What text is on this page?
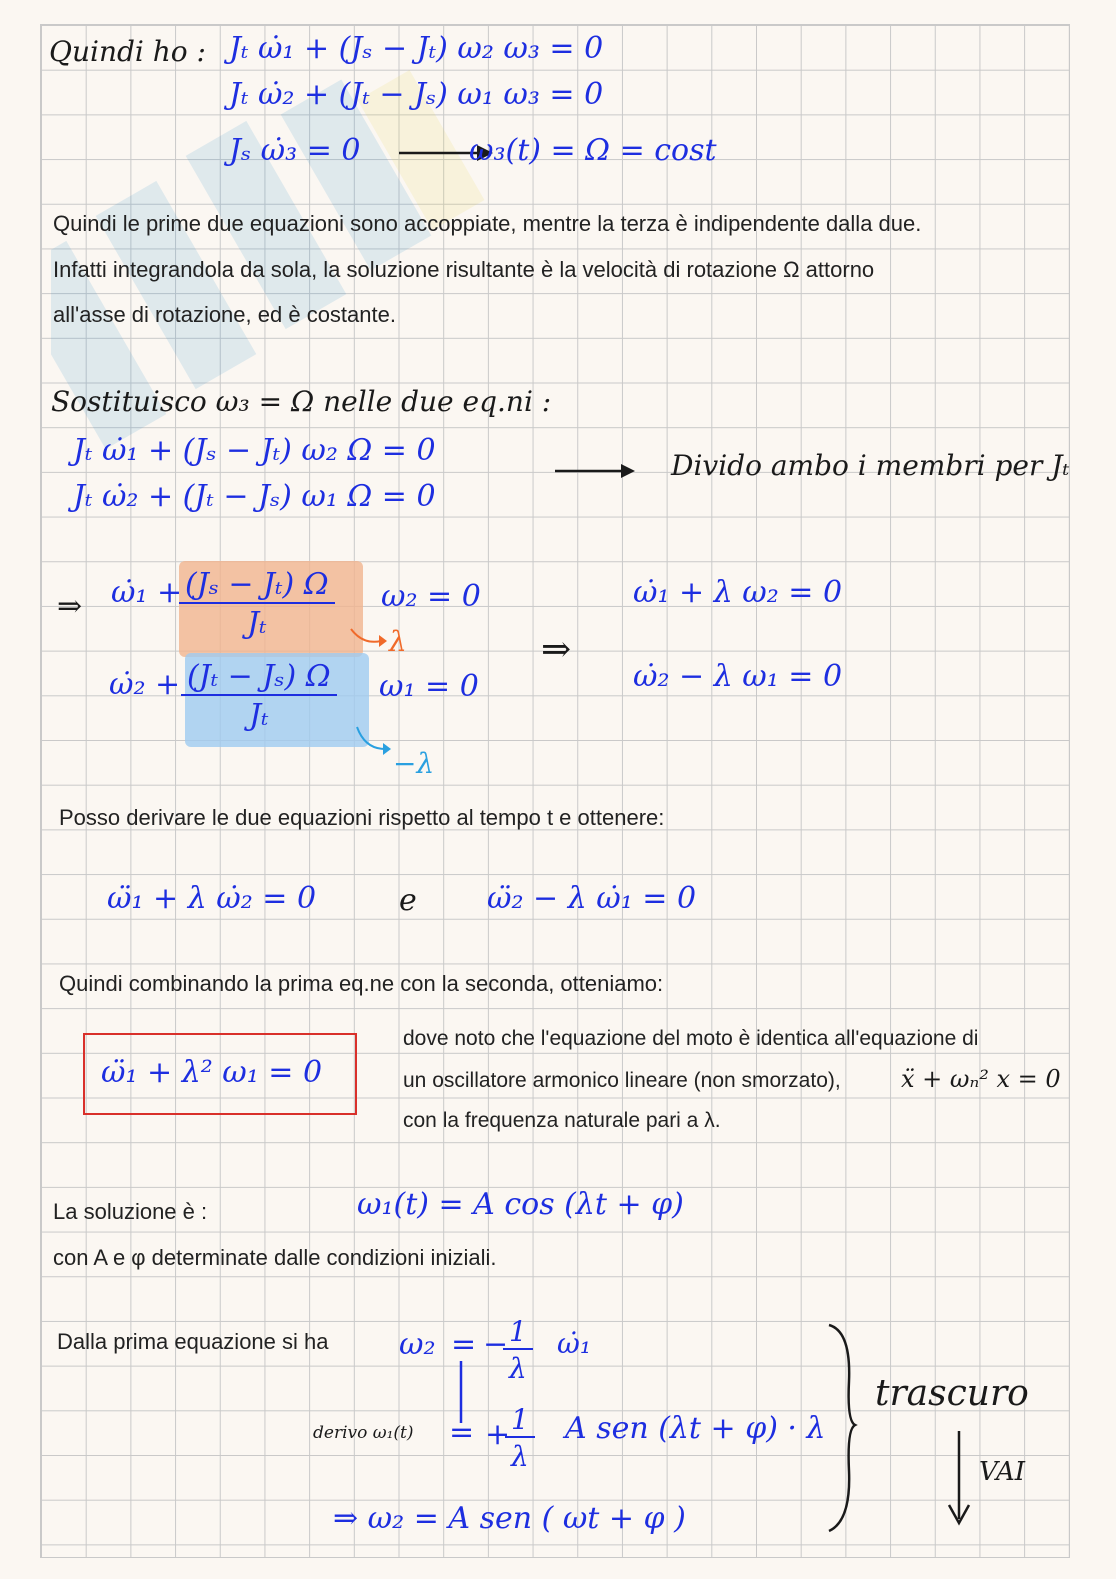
Quindi ho : Jₜ ω̇₁ + (Jₛ − Jₜ) ω₂ ω₃ = 0
Jₜ ω̇₂ + (Jₜ − Jₛ) ω₁ ω₃ = 0
Jₛ ω̇₃ = 0	ω₃(t) = Ω = cost
Quindi le prime due equazioni sono accoppiate, mentre la terza è indipendente dalla due.
Infatti integrandola da sola, la soluzione risultante è la velocità di rotazione Ω attorno
all'asse di rotazione, ed è costante.
Sostituisco ω₃ = Ω nelle due eq.ni :
Jₜ ω̇₁ + (Jₛ − Jₜ) ω₂ Ω = 0
Jₜ ω̇₂ + (Jₜ − Jₛ) ω₁ Ω = 0
Divido ambo i membri per Jₜ
⇒ ω̇₁ +
$\frac{\text{(Jₛ − Jₜ) Ω}}{\text{Jₜ}} \omega_2 = 0$
λ
ω̇₂ + $\frac{\text{(Jₜ − Jₛ) Ω}}{\text{Jₜ}} \omega_1 = 0$
−λ
⇒
ω̇₁ + λ ω₂ = 0
ω̇₂ − λ ω₁ = 0
Posso derivare le due equazioni rispetto al tempo t e ottenere:
ω̈₁ + λ ω̇₂ = 0	e ω̈₂ − λ ω̇₁ = 0
Quindi combinando la prima eq.ne con la seconda, otteniamo:
ω̈₁ + λ² ω₁ = 0
dove noto che l'equazione del moto è identica all'equazione di
un oscillatore armonico lineare (non smorzato),	ẍ + ωₙ² x = 0
con la frequenza naturale pari a λ.
La soluzione è :	ω₁(t) = A cos (λt + φ)
con A e φ determinate dalle condizioni iniziali.
Dalla prima equazione si ha ω₂ = −
$\frac{1}{\lambda}$ ω̇₁
derivo ω₁(t) = +
$\frac{1}{\lambda}$ A sen (λt + φ) · λ
⇒ ω₂ = A sen ( ωt + φ )
trascuro
VAI
